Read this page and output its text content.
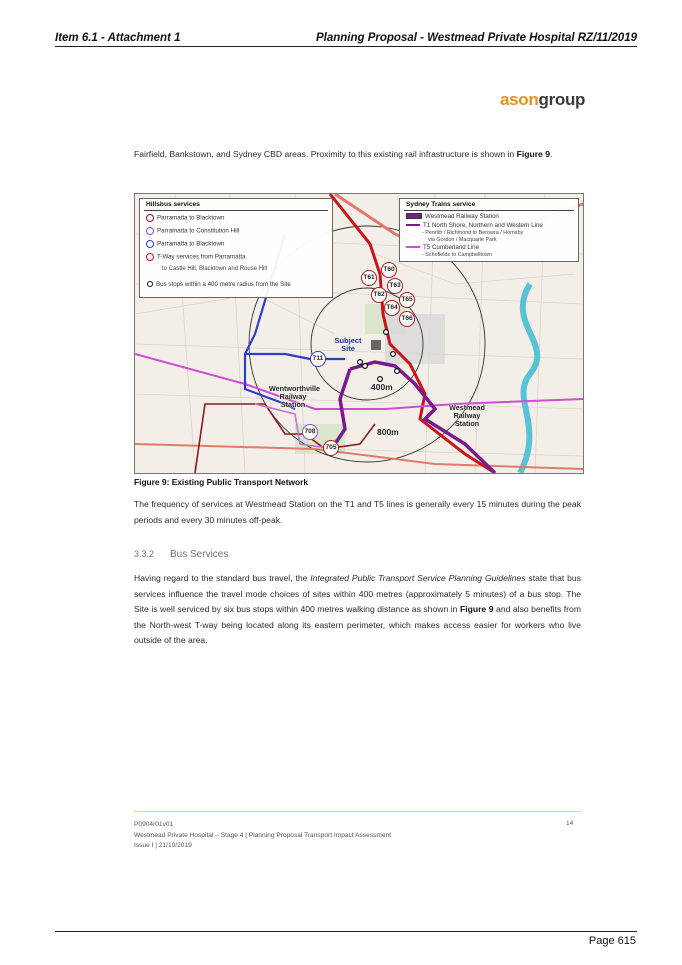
Item 6.1 - Attachment 1	Planning Proposal - Westmead Private Hospital RZ/11/2019
asongroup
Fairfield, Bankstown, and Sydney CBD areas. Proximity to this existing rail infrastructure is shown in Figure 9.
Hillsbus services
Parramatta to Blacktown
Parramatta to Constitution Hill
Parramatta to Blacktown
T-Way services from Parramatta
to Castle Hill, Blacktown and Rouse Hill
Bus stops within a 400 metre radius from the Site
Sydney Trains service
Westmead Railway Station
T1 North Shore, Northern and Western Line
- Penrith / Richmond to Berowra / Hornsby
via Gordon / Macquarie Park
T5 Cumberland Line
- Schofields to Campbelltown
T60
T61
T63
T62
T65
T64
T66
711
708
705
Subject Site
400m
800m
Wentworthville Railway Station	Westmead Railway Station
Figure 9: Existing Public Transport Network
The frequency of services at Westmead Station on the T1 and T5 lines is generally every 15 minutes during the peak periods and every 30 minutes off-peak.
3.3.2 Bus Services
Having regard to the standard bus travel, the Integrated Public Transport Service Planning Guidelines state that bus services influence the travel mode choices of sites within 400 metres (approximately 5 minutes) of a bus stop. The Site is well serviced by six bus stops within 400 metres walking distance as shown in Figure 9 and also benefits from the North-west T-way being located along its eastern perimeter, which makes access easier for workers who live outside of the area.
P0904r01v01
Westmead Private Hospital – Stage 4 | Planning Proposal Transport Impact Assessment
Issue I | 21/10/2019
14
Page 615
